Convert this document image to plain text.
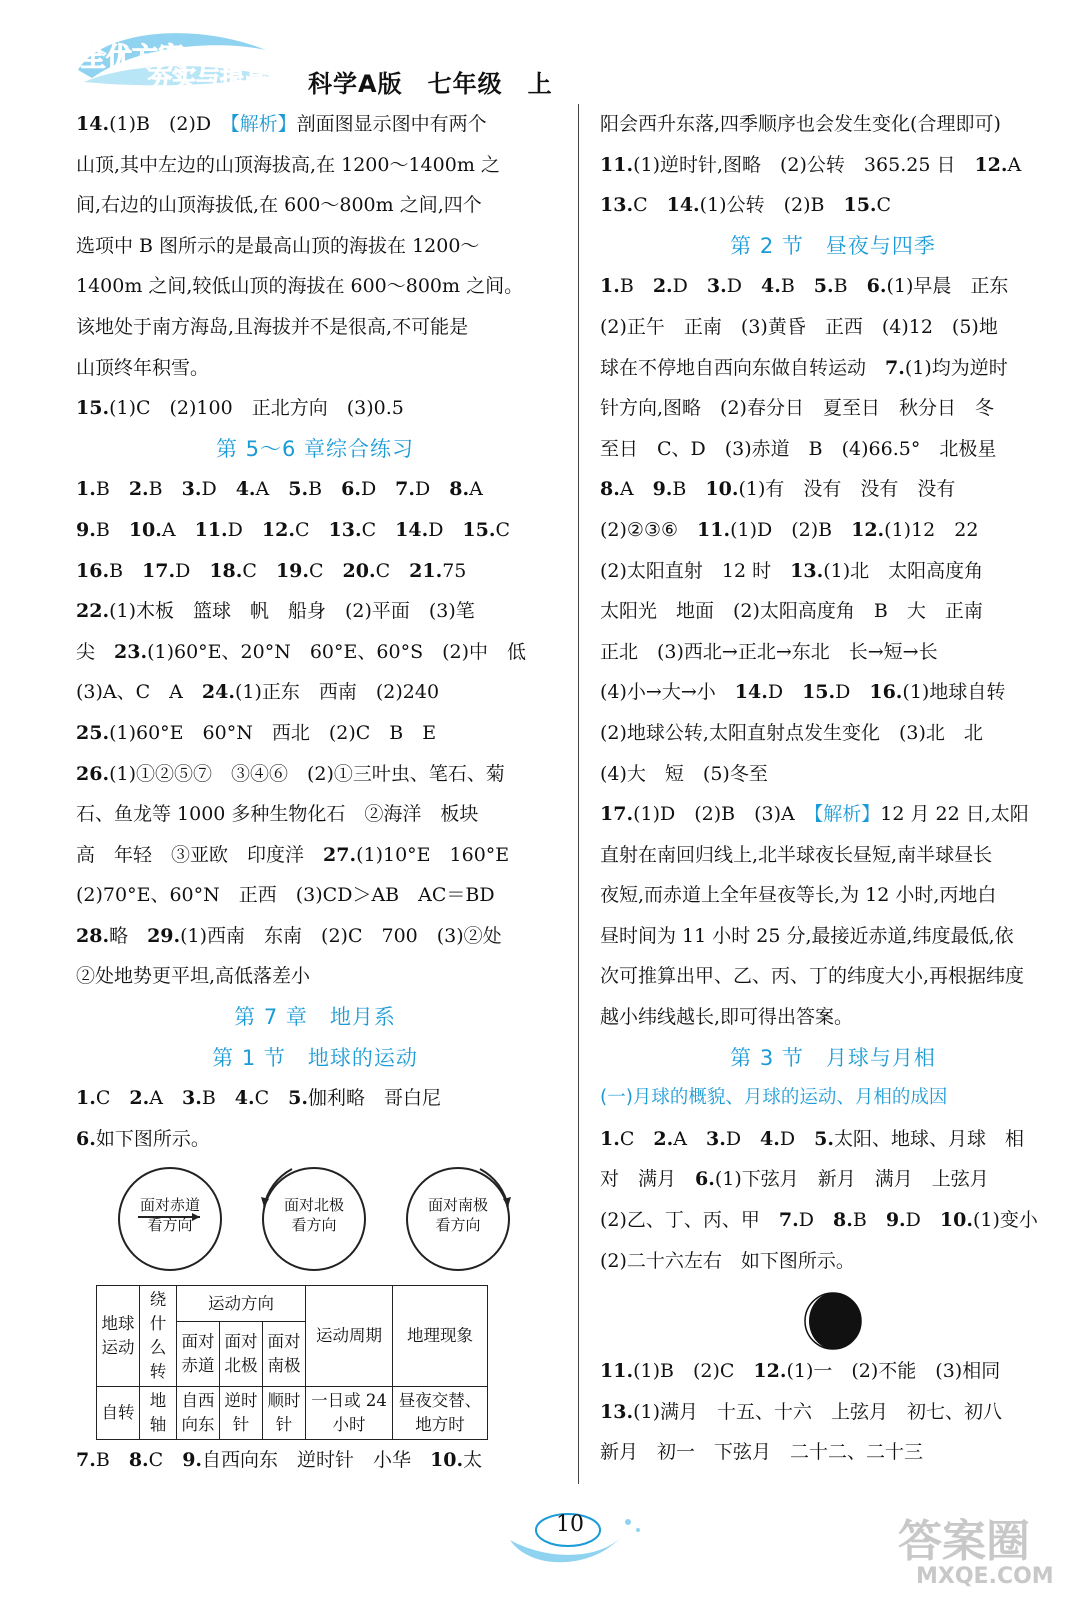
全优方案
夯实与提高 科学A版　七年级　上
14.(1)B　(2)D　【解析】剖面图显示图中有两个
山顶,其中左边的山顶海拔高,在 1200～1400m 之
间,右边的山顶海拔低,在 600～800m 之间,四个
选项中 B 图所示的是最高山顶的海拔在 1200～
1400m 之间,较低山顶的海拔在 600～800m 之间。
该地处于南方海岛,且海拔并不是很高,不可能是
山顶终年积雪。
15.(1)C　(2)100　正北方向　(3)0.5
第 5～6 章综合练习
1.B　2.B　3.D　4.A　5.B　6.D　7.D　8.A
9.B　10.A　11.D　12.C　13.C　14.D　15.C
16.B　17.D　18.C　19.C　20.C　21.75
22.(1)木板　篮球　帆　船身　(2)平面　(3)笔
尖　23.(1)60°E、20°N　60°E、60°S　(2)中　低
(3)A、C　A　24.(1)正东　西南　(2)240
25.(1)60°E　60°N　西北　(2)C　B　E
26.(1)①②⑤⑦　③④⑥　(2)①三叶虫、笔石、菊
石、鱼龙等 1000 多种生物化石　②海洋　板块
高　年轻　③亚欧　印度洋　27.(1)10°E　160°E
(2)70°E、60°N　正西　(3)CD＞AB　AC＝BD
28.略　29.(1)西南　东南　(2)C　700　(3)②处
②处地势更平坦,高低落差小
第 7 章　地月系
第 1 节　地球的运动
1.C　2.A　3.B　4.C　5.伽利略　哥白尼
6.如下图所示。
面对赤道
看方向
面对北极
看方向
面对南极
看方向
地球运动	绕什么转	运动方向			运动周期	地理现象
		面对赤道	面对北极	面对南极		
自转	地轴	自西向东	逆时针	顺时针	一日或 24 小时	昼夜交替、地方时
7.B　8.C　9.自西向东　逆时针　小华　10.太
阳会西升东落,四季顺序也会发生变化(合理即可)
11.(1)逆时针,图略　(2)公转　365.25 日　12.A
13.C　14.(1)公转　(2)B　15.C
第 2 节　昼夜与四季
1.B　2.D　3.D　4.B　5.B　6.(1)早晨　正东
(2)正午　正南　(3)黄昏　正西　(4)12　(5)地
球在不停地自西向东做自转运动　7.(1)均为逆时
针方向,图略　(2)春分日　夏至日　秋分日　冬
至日　C、D　(3)赤道　B　(4)66.5°　北极星
8.A　9.B　10.(1)有　没有　没有　没有
(2)②③⑥　11.(1)D　(2)B　12.(1)12　22
(2)太阳直射　12 时　13.(1)北　太阳高度角
太阳光　地面　(2)太阳高度角　B　大　正南
正北　(3)西北→正北→东北　长→短→长
(4)小→大→小　14.D　15.D　16.(1)地球自转
(2)地球公转,太阳直射点发生变化　(3)北　北
(4)大　短　(5)冬至
17.(1)D　(2)B　(3)A　【解析】12 月 22 日,太阳
直射在南回归线上,北半球夜长昼短,南半球昼长
夜短,而赤道上全年昼夜等长,为 12 小时,丙地白
昼时间为 11 小时 25 分,最接近赤道,纬度最低,依
次可推算出甲、乙、丙、丁的纬度大小,再根据纬度
越小纬线越长,即可得出答案。
第 3 节　月球与月相
(一)月球的概貌、月球的运动、月相的成因
1.C　2.A　3.D　4.D　5.太阳、地球、月球　相
对　满月　6.(1)下弦月　新月　满月　上弦月
(2)乙、丁、丙、甲　7.D　8.B　9.D　10.(1)变小
(2)二十六左右　如下图所示。
11.(1)B　(2)C　12.(1)一　(2)不能　(3)相同
13.(1)满月　十五、十六　上弦月　初七、初八
新月　初一　下弦月　二十二、二十三
10	答案圈
MXQE.COM
